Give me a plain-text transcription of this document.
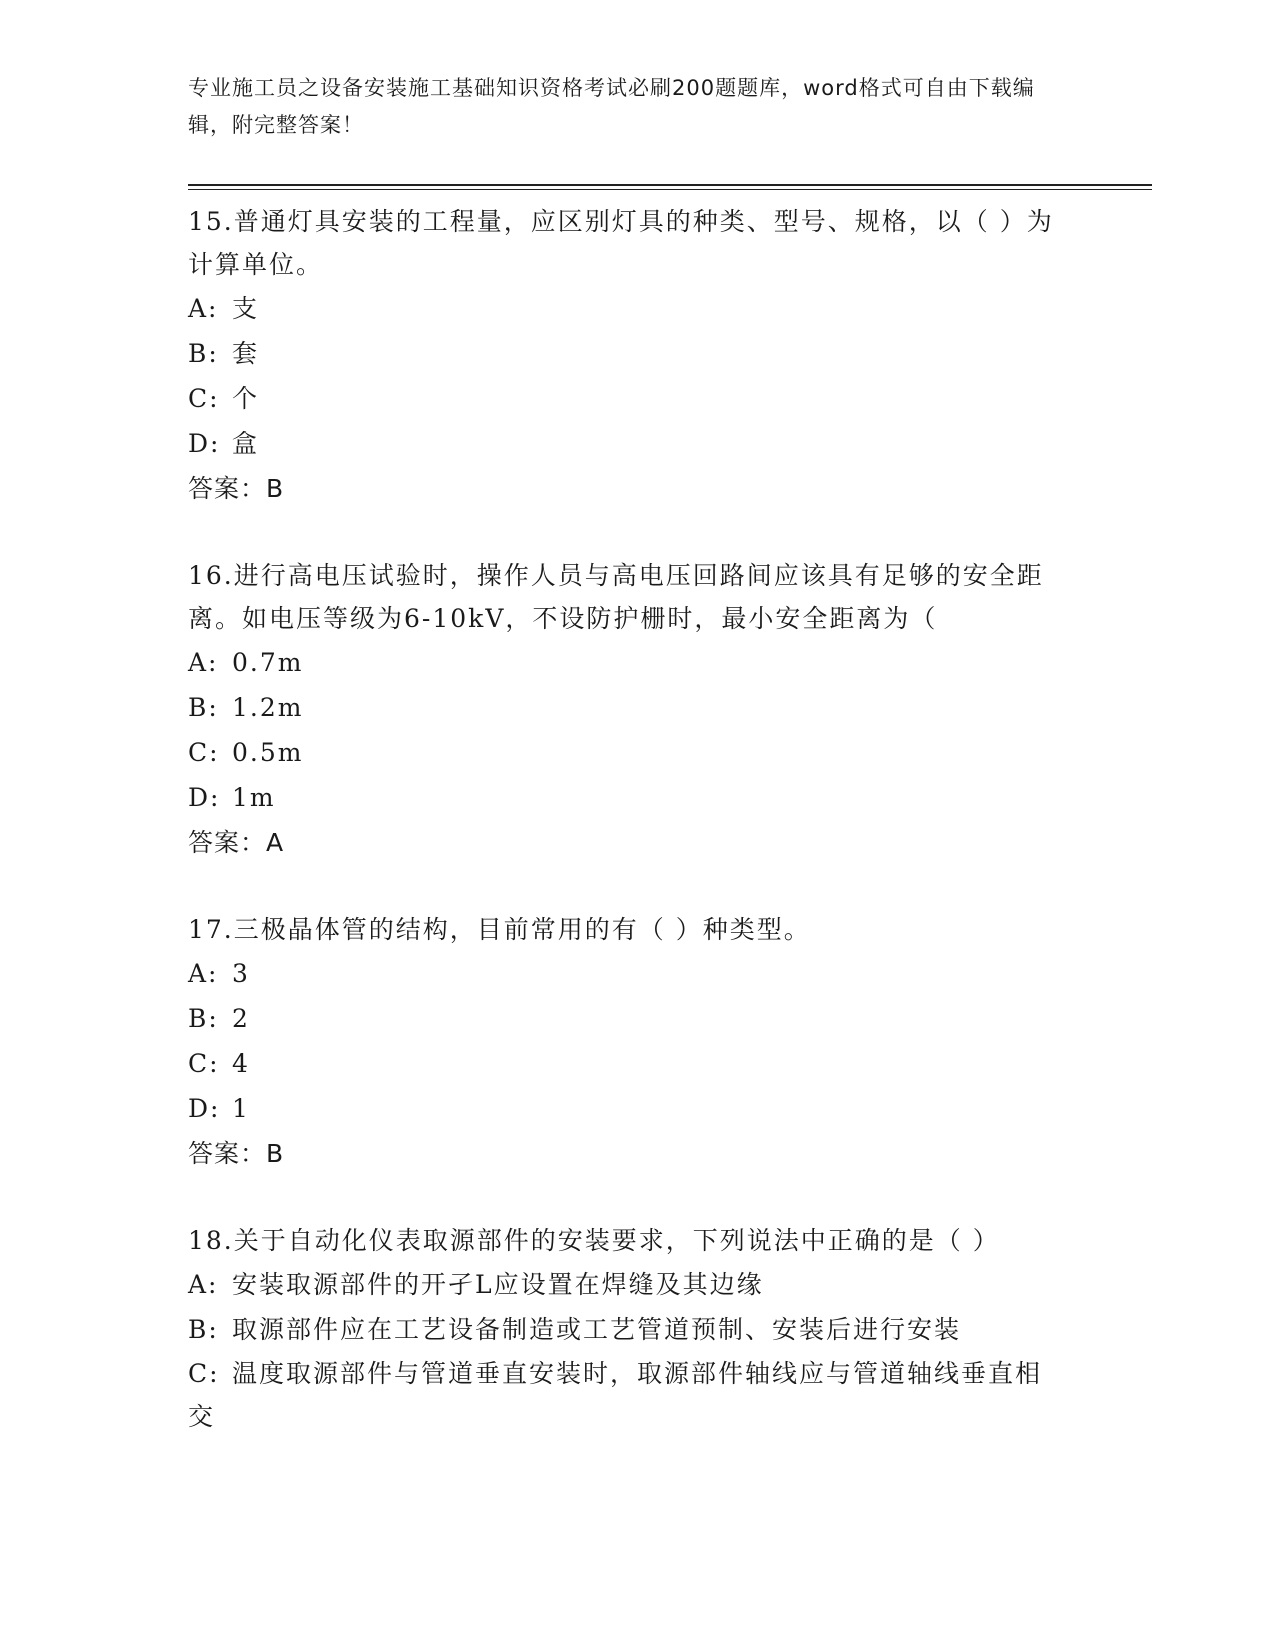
专业施工员之设备安装施工基础知识资格考试必刷200题题库，word格式可自由下载编辑，附完整答案！
15.普通灯具安装的工程量，应区别灯具的种类、型号、规格，以（ ）为计算单位。
A: 支
B: 套
C: 个
D: 盒
答案：B
16.进行高电压试验时，操作人员与高电压回路间应该具有足够的安全距离。如电压等级为6-10kV，不设防护栅时，最小安全距离为（
A: 0.7m
B: 1.2m
C: 0.5m
D: 1m
答案：A
17.三极晶体管的结构，目前常用的有（ ）种类型。
A: 3
B: 2
C: 4
D: 1
答案：B
18.关于自动化仪表取源部件的安装要求，下列说法中正确的是（ ）
A: 安装取源部件的开孑L应设置在焊缝及其边缘
B: 取源部件应在工艺设备制造或工艺管道预制、安装后进行安装
C: 温度取源部件与管道垂直安装时，取源部件轴线应与管道轴线垂直相交
